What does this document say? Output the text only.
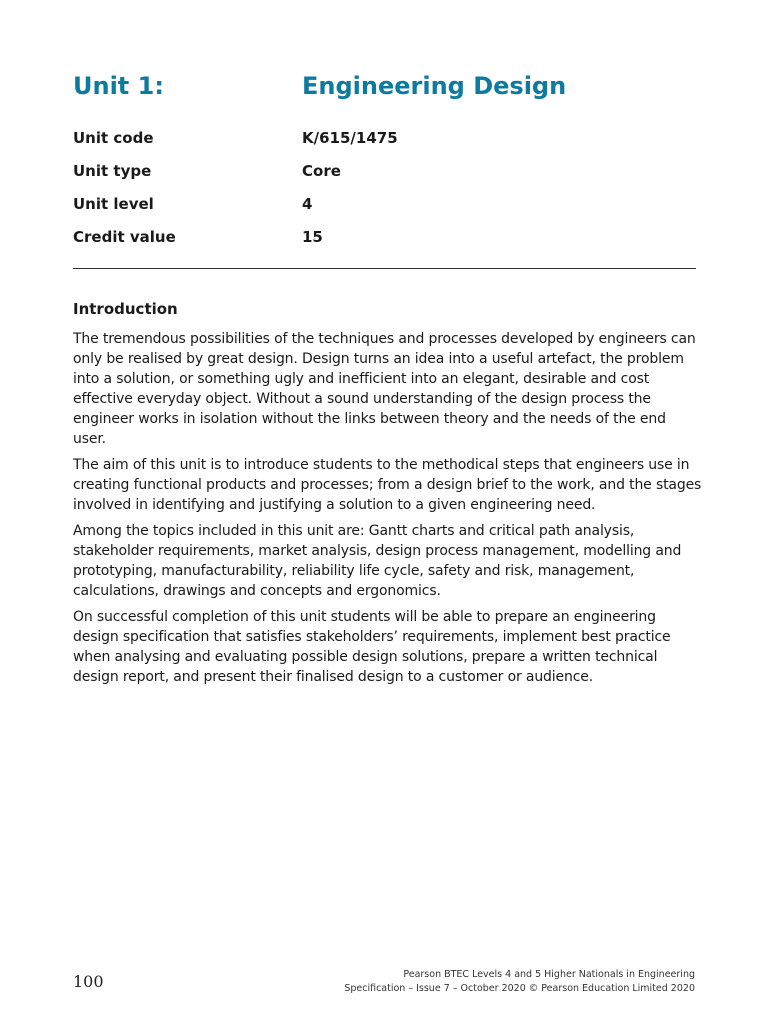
Unit 1:	Engineering Design
Unit code	K/615/1475
Unit type	Core
Unit level	4
Credit value	15
Introduction

The tremendous possibilities of the techniques and processes developed by engineers can only be realised by great design. Design turns an idea into a useful artefact, the problem into a solution, or something ugly and inefficient into an elegant, desirable and cost effective everyday object. Without a sound understanding of the design process the engineer works in isolation without the links between theory and the needs of the end user.

The aim of this unit is to introduce students to the methodical steps that engineers use in creating functional products and processes; from a design brief to the work, and the stages involved in identifying and justifying a solution to a given engineering need.

Among the topics included in this unit are: Gantt charts and critical path analysis, stakeholder requirements, market analysis, design process management, modelling and prototyping, manufacturability, reliability life cycle, safety and risk, management, calculations, drawings and concepts and ergonomics.

On successful completion of this unit students will be able to prepare an engineering design specification that satisfies stakeholders’ requirements, implement best practice when analysing and evaluating possible design solutions, prepare a written technical design report, and present their finalised design to a customer or audience.

100	Pearson BTEC Levels 4 and 5 Higher Nationals in Engineering
Specification – Issue 7 – October 2020 © Pearson Education Limited 2020
